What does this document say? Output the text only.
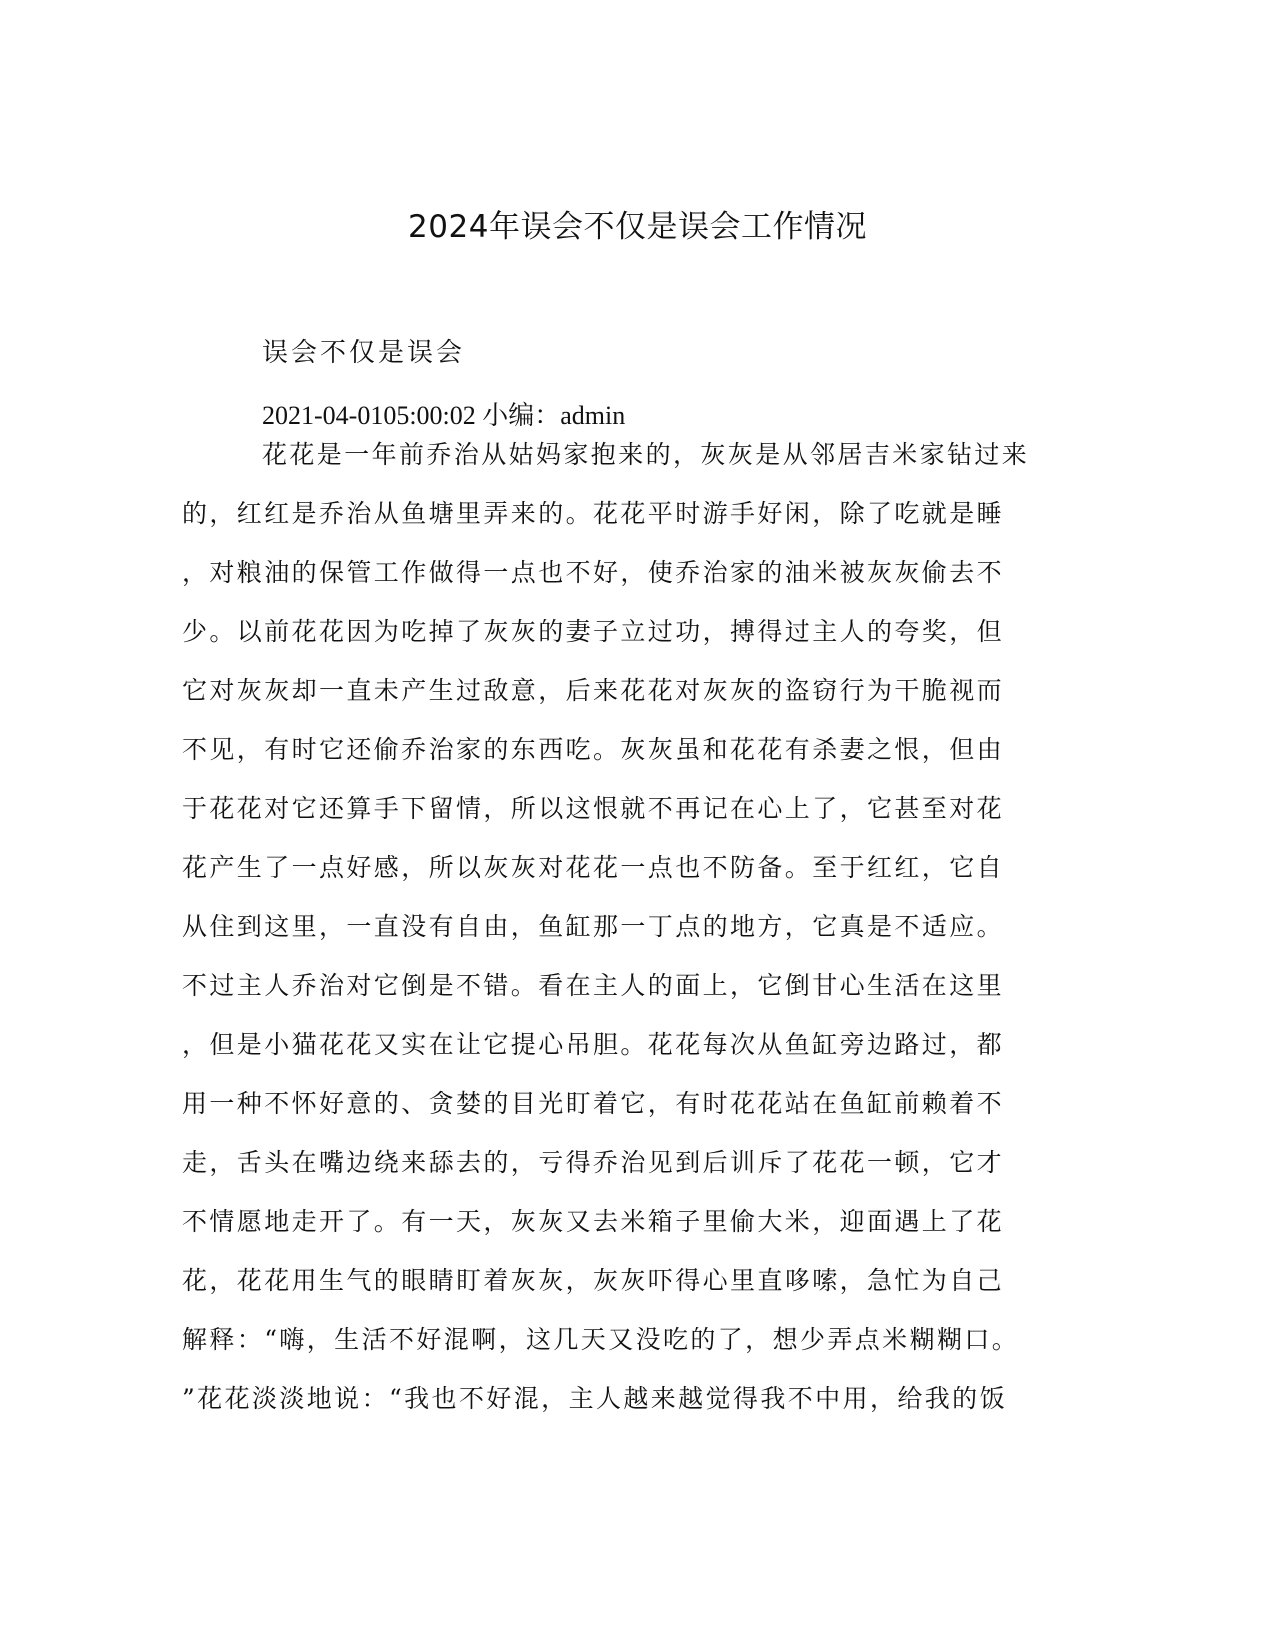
2024年误会不仅是误会工作情况
误会不仅是误会
2021-04-0105:00:02 小编：admin
花花是一年前乔治从姑妈家抱来的，灰灰是从邻居吉米家钻过来
的，红红是乔治从鱼塘里弄来的。花花平时游手好闲，除了吃就是睡
，对粮油的保管工作做得一点也不好，使乔治家的油米被灰灰偷去不
少。以前花花因为吃掉了灰灰的妻子立过功，搏得过主人的夸奖，但
它对灰灰却一直未产生过敌意，后来花花对灰灰的盗窃行为干脆视而
不见，有时它还偷乔治家的东西吃。灰灰虽和花花有杀妻之恨，但由
于花花对它还算手下留情，所以这恨就不再记在心上了，它甚至对花
花产生了一点好感，所以灰灰对花花一点也不防备。至于红红，它自
从住到这里，一直没有自由，鱼缸那一丁点的地方，它真是不适应。
不过主人乔治对它倒是不错。看在主人的面上，它倒甘心生活在这里
，但是小猫花花又实在让它提心吊胆。花花每次从鱼缸旁边路过，都
用一种不怀好意的、贪婪的目光盯着它，有时花花站在鱼缸前赖着不
走，舌头在嘴边绕来舔去的，亏得乔治见到后训斥了花花一顿，它才
不情愿地走开了。有一天，灰灰又去米箱子里偷大米，迎面遇上了花
花，花花用生气的眼睛盯着灰灰，灰灰吓得心里直哆嗦，急忙为自己
解释：“嗨，生活不好混啊，这几天又没吃的了，想少弄点米糊糊口。
”花花淡淡地说：“我也不好混，主人越来越觉得我不中用，给我的饭
